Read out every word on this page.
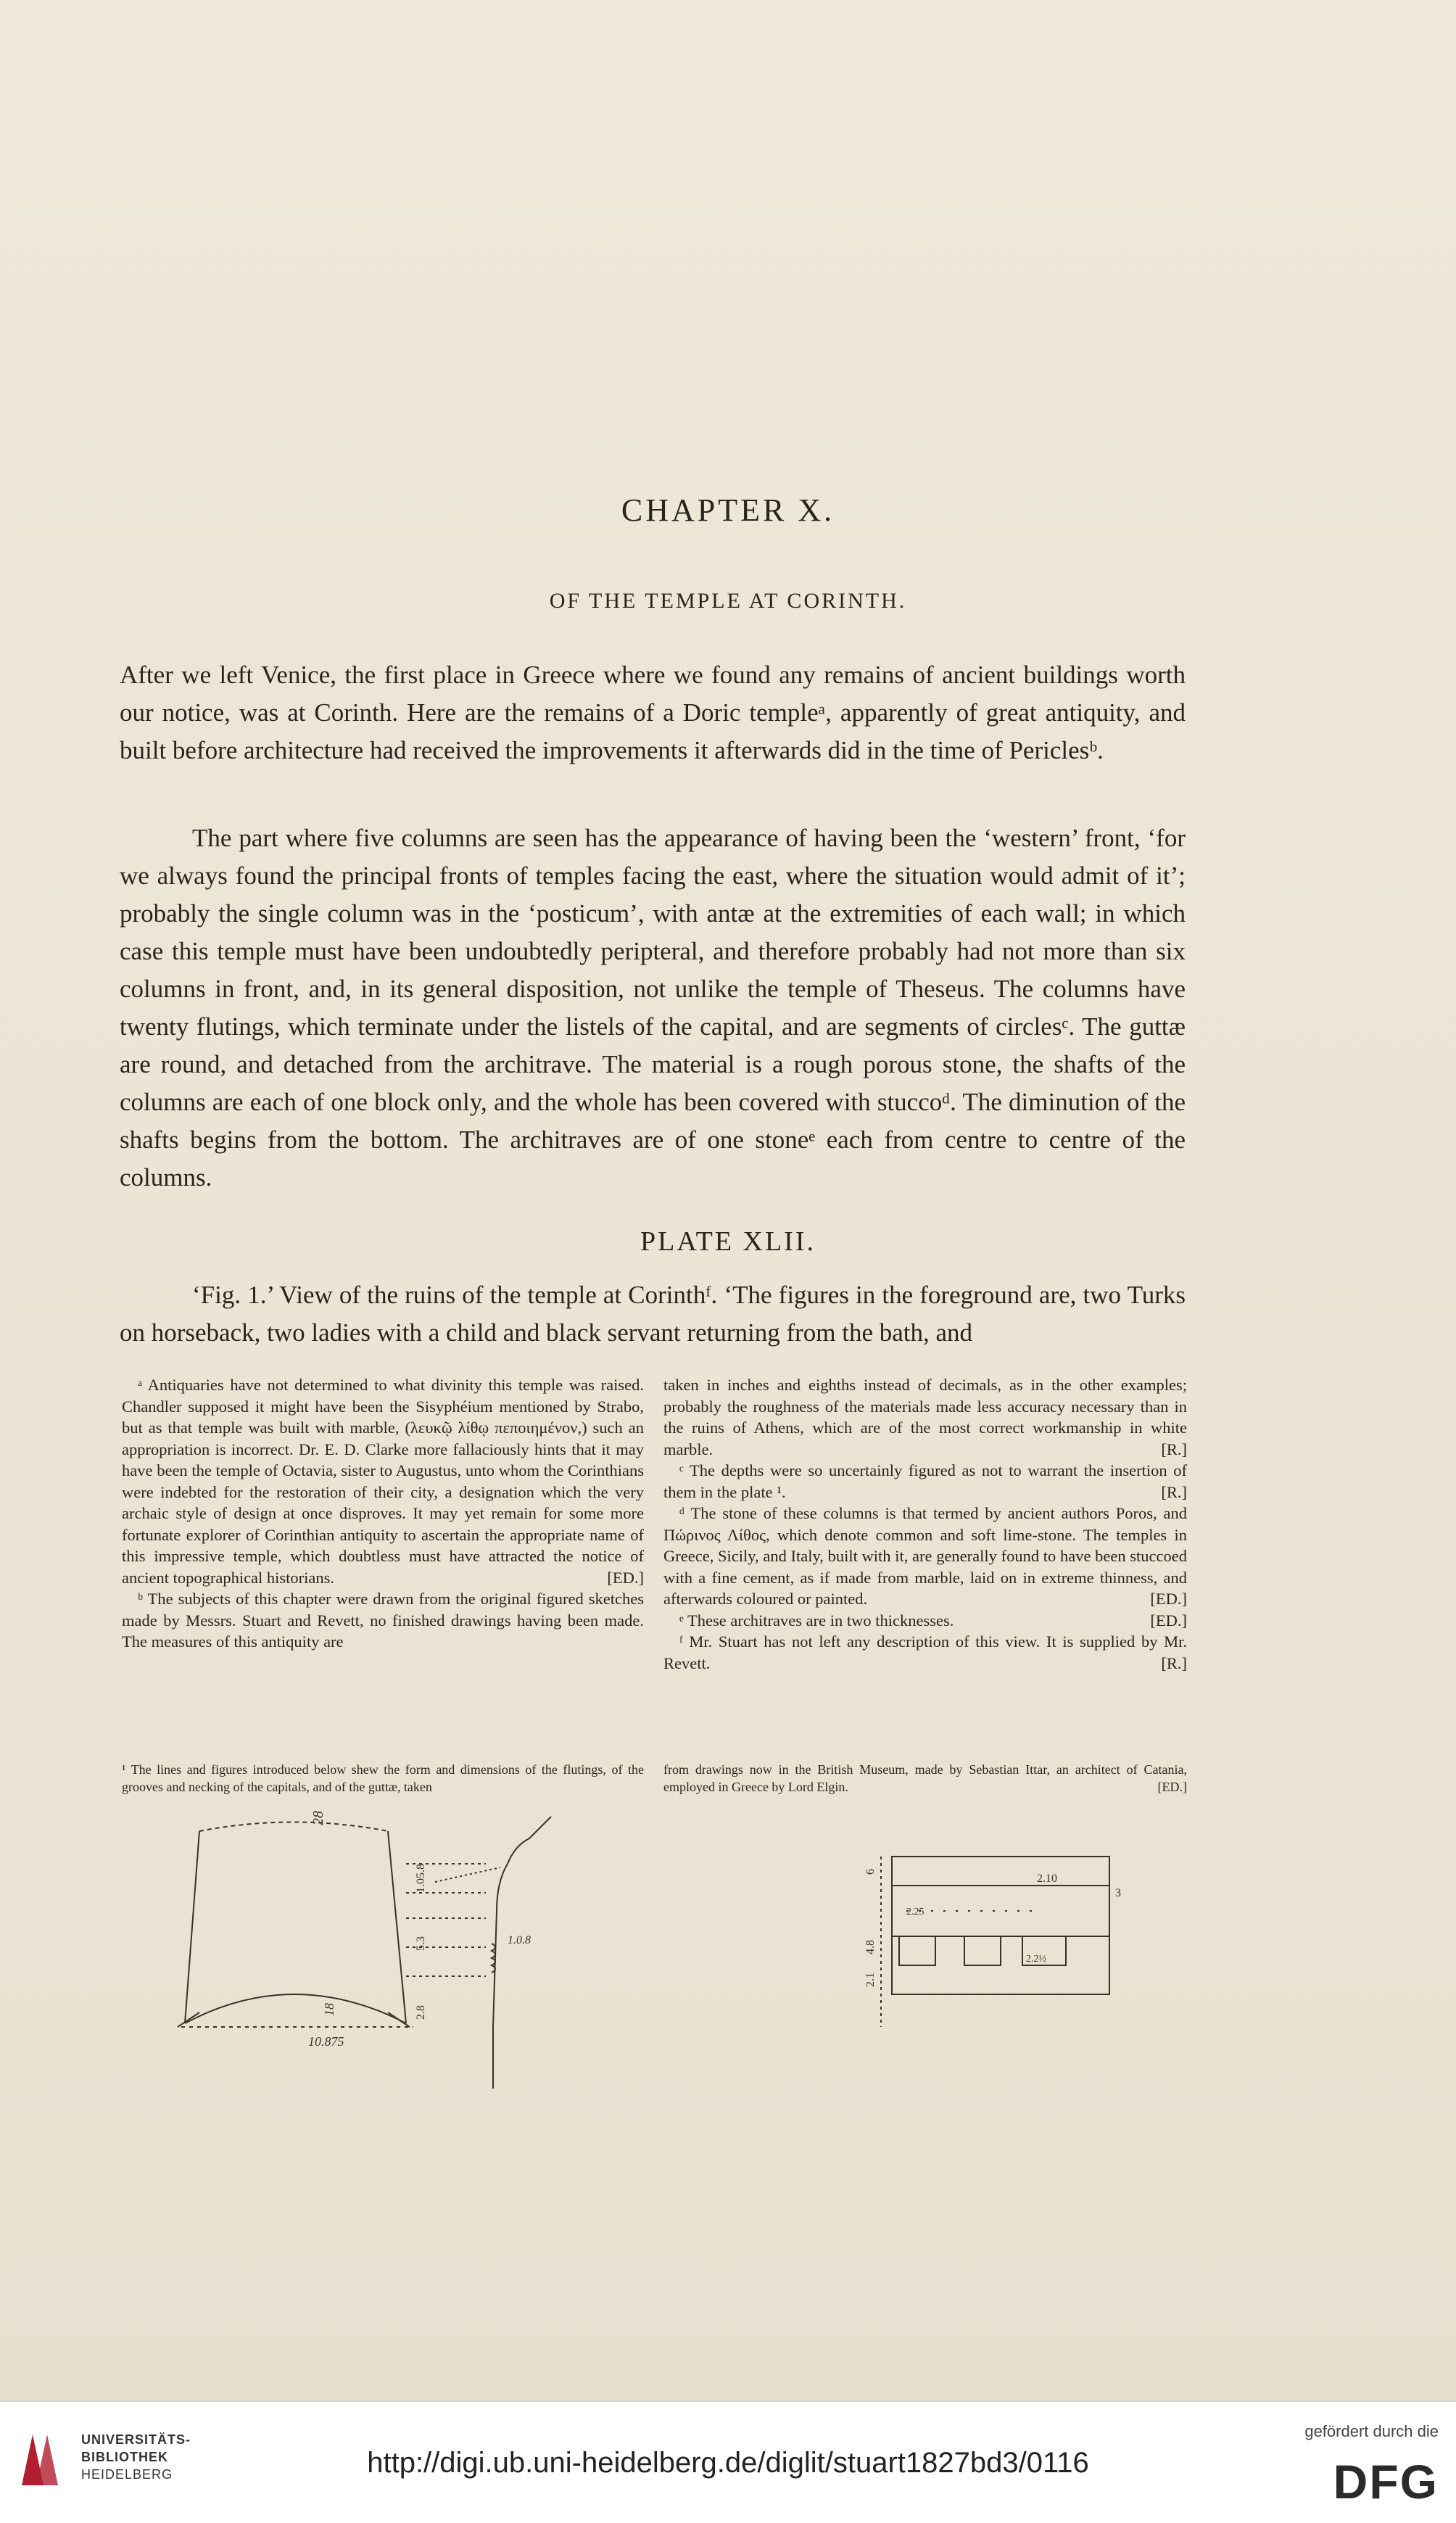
CHAPTER X.
OF THE TEMPLE AT CORINTH.
After we left Venice, the first place in Greece where we found any remains of ancient buildings worth our notice, was at Corinth. Here are the remains of a Doric templeᵃ, apparently of great antiquity, and built before architecture had received the improvements it afterwards did in the time of Periclesᵇ.
The part where five columns are seen has the appearance of having been the ‘western’ front, ‘for we always found the principal fronts of temples facing the east, where the situation would admit of it’; probably the single column was in the ‘posticum’, with antæ at the extremities of each wall; in which case this temple must have been undoubtedly peripteral, and therefore probably had not more than six columns in front, and, in its general disposition, not unlike the temple of Theseus. The columns have twenty flutings, which terminate under the listels of the capital, and are segments of circlesᶜ. The guttæ are round, and detached from the architrave. The material is a rough porous stone, the shafts of the columns are each of one block only, and the whole has been covered with stuccoᵈ. The diminution of the shafts begins from the bottom. The architraves are of one stoneᵉ each from centre to centre of the columns.
PLATE XLII.
‘Fig. 1.’ View of the ruins of the temple at Corinthᶠ. ‘The figures in the foreground are, two Turks on horseback, two ladies with a child and black servant returning from the bath, and

ᵃ Antiquaries have not determined to what divinity this temple was raised. Chandler supposed it might have been the Sisyphéium mentioned by Strabo, but as that temple was built with marble, (λευκῷ λίθῳ πεποιημένον,) such an appropriation is incorrect. Dr. E. D. Clarke more fallaciously hints that it may have been the temple of Octavia, sister to Augustus, unto whom the Corinthians were indebted for the restoration of their city, a designation which the very archaic style of design at once disproves. It may yet remain for some more fortunate explorer of Corinthian antiquity to ascertain the appropriate name of this impressive temple, which doubtless must have attracted the notice of ancient topographical historians.	[ED.]

ᵇ The subjects of this chapter were drawn from the original figured sketches made by Messrs. Stuart and Revett, no finished drawings having been made. The measures of this antiquity are

taken in inches and eighths instead of decimals, as in the other examples; probably the roughness of the materials made less accuracy necessary than in the ruins of Athens, which are of the most correct workmanship in white marble.	[R.]

ᶜ The depths were so uncertainly figured as not to warrant the insertion of them in the plate ¹.	[R.]

ᵈ The stone of these columns is that termed by ancient authors Poros, and Πώρινος Λίθος, which denote common and soft lime-stone. The temples in Greece, Sicily, and Italy, built with it, are generally found to have been stuccoed with a fine cement, as if made from marble, laid on in extreme thinness, and afterwards coloured or painted.	[ED.]

ᵉ These architraves are in two thicknesses.	[ED.]

ᶠ Mr. Stuart has not left any description of this view. It is supplied by Mr. Revett.	[R.]

¹ The lines and figures introduced below shew the form and dimensions of the flutings, of the grooves and necking of the capitals, and of the guttæ, taken
from drawings now in the British Museum, made by Sebastian Ittar, an architect of Catania, employed in Greece by Lord Elgin.	[ED.]
28
18
10.875
1.05.8
5.3
2.8
1.0.8
6
2.10
3
2.25
2.1
4.8
2.2½
UNIVERSITÄTS-
BIBLIOTHEK
HEIDELBERG	http://digi.ub.uni-heidelberg.de/diglit/stuart1827bd3/0116
gefördert durch die
DFG
